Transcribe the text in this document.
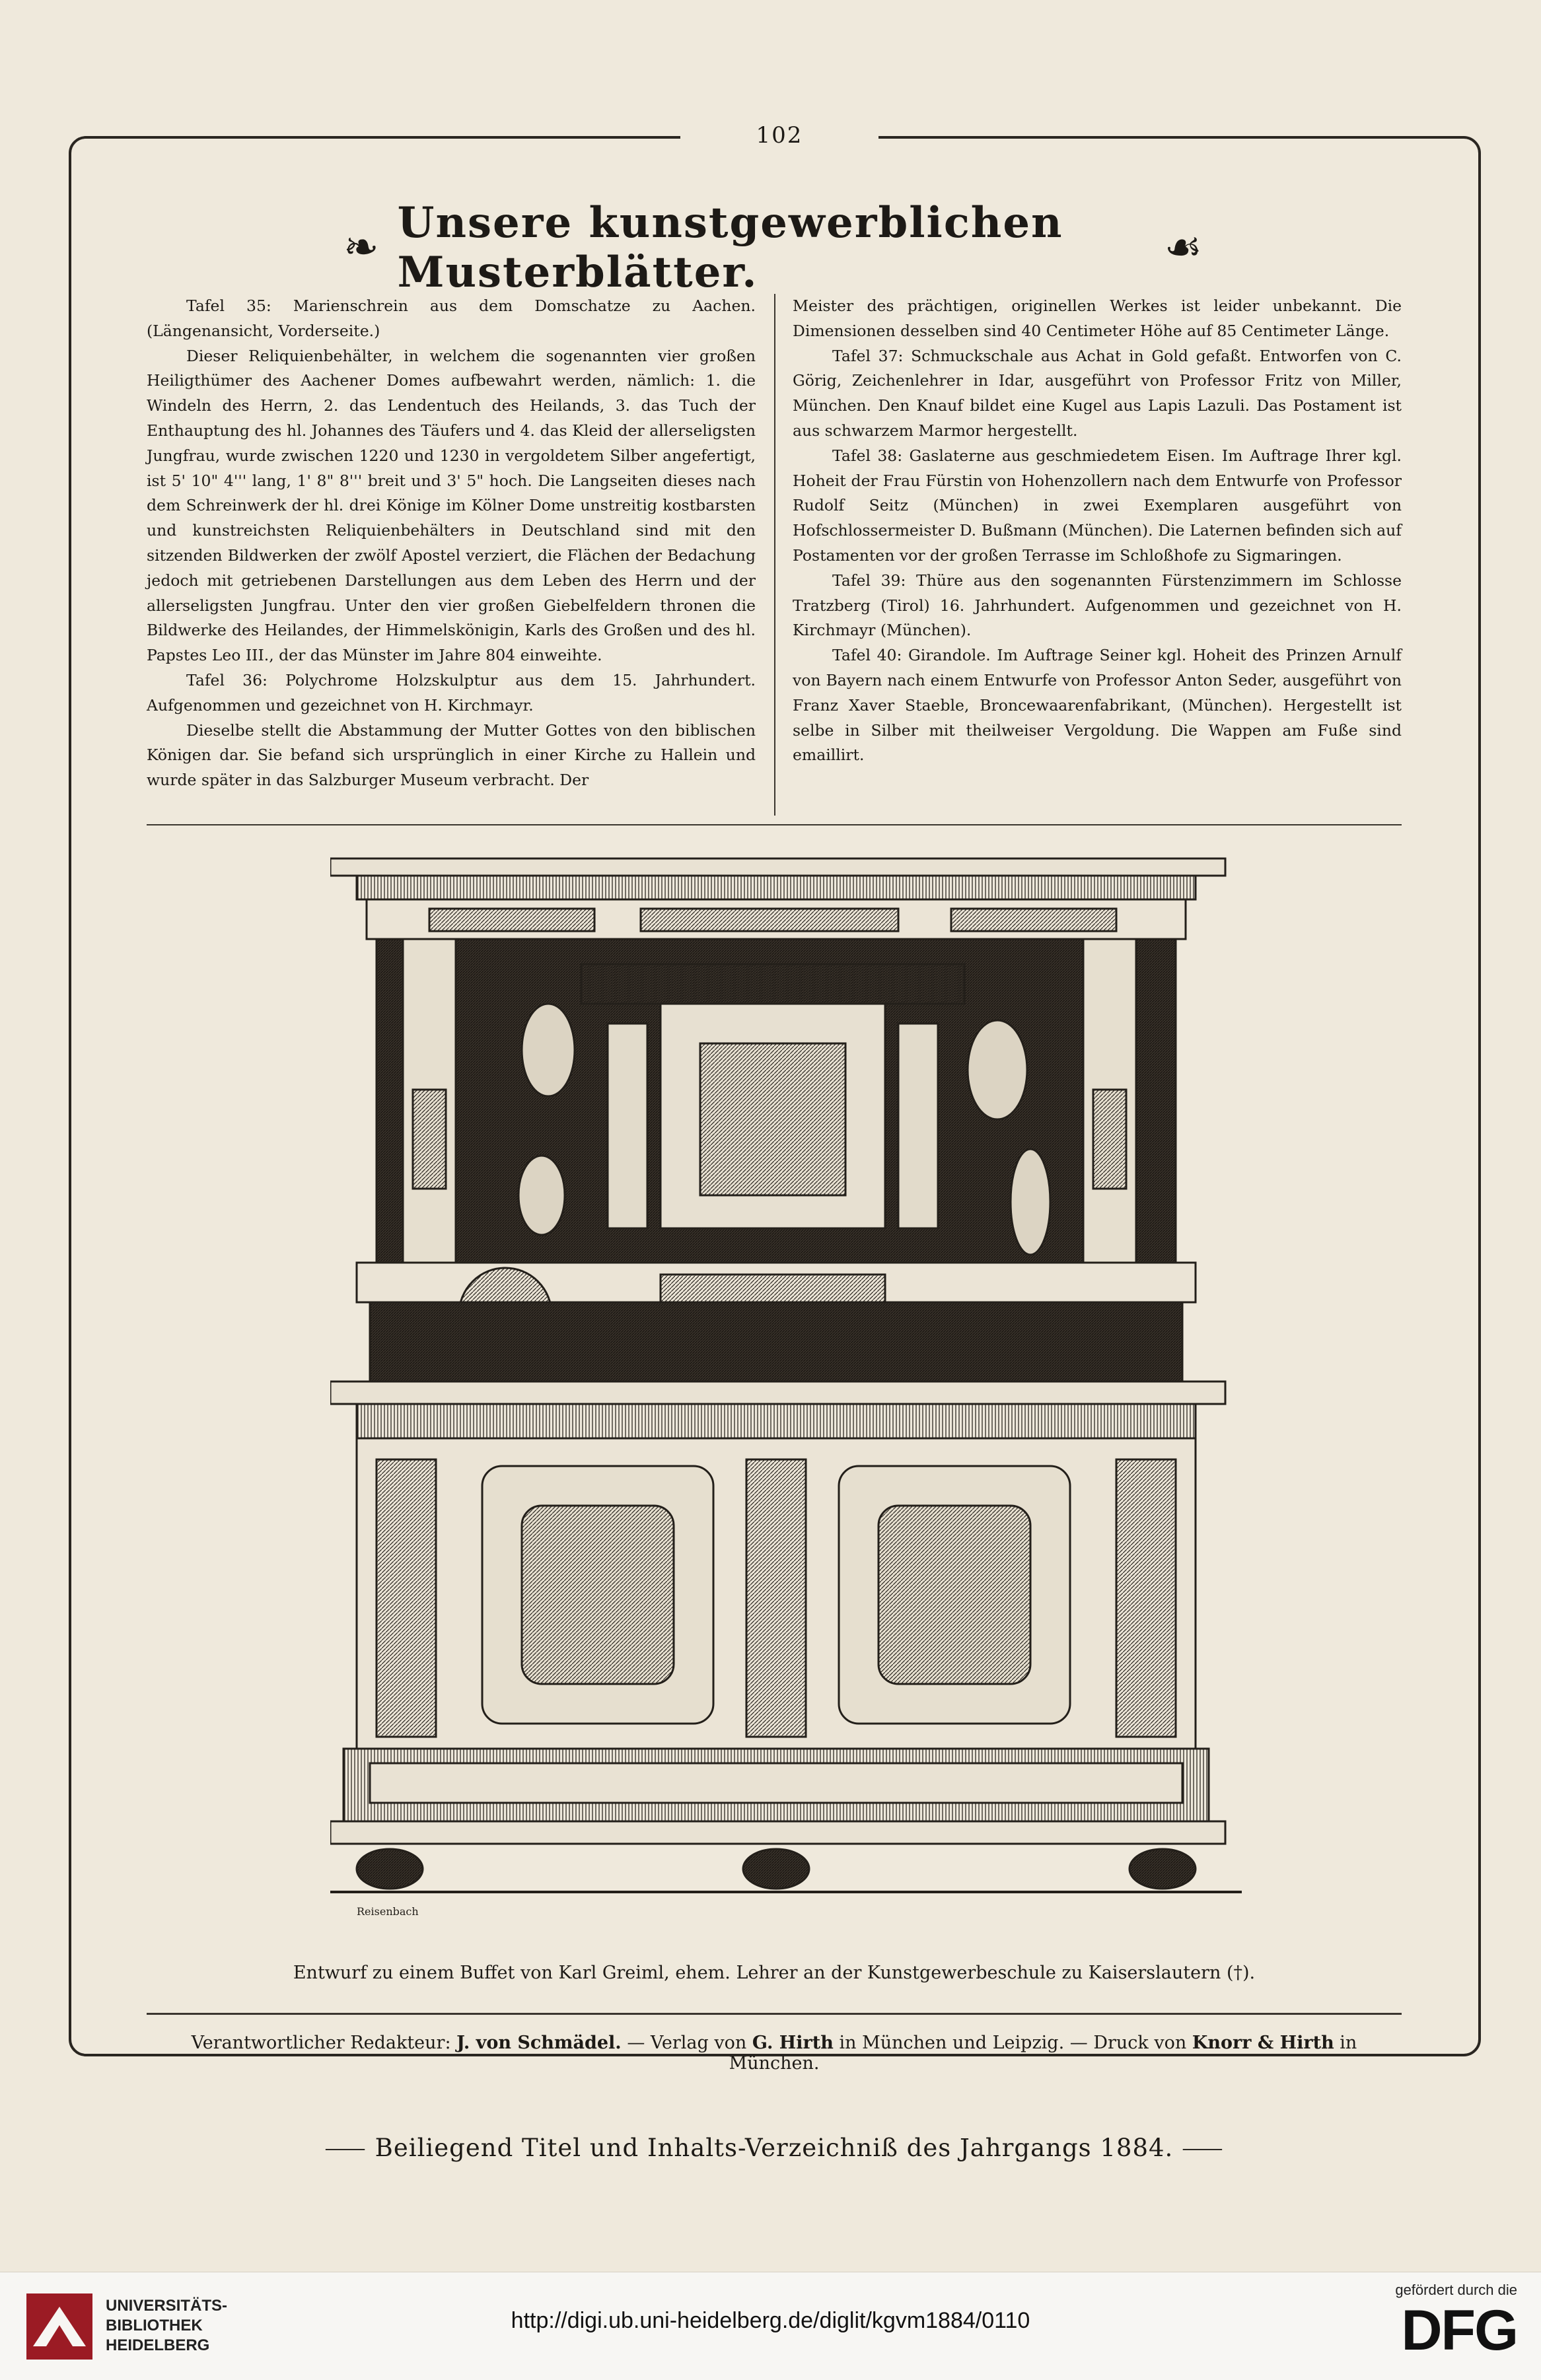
102
❧ Unsere kunstgewerblichen Musterblätter.	☙

Tafel 35: Marienschrein aus dem Domschatze zu Aachen. (Längenansicht, Vorderseite.)

Dieser Reliquienbehälter, in welchem die sogenannten vier großen Heiligthümer des Aachener Domes aufbewahrt werden, nämlich: 1. die Windeln des Herrn, 2. das Lendentuch des Heilands, 3. das Tuch der Enthauptung des hl. Johannes des Täufers und 4. das Kleid der allerseligsten Jungfrau, wurde zwischen 1220 und 1230 in vergoldetem Silber angefertigt, ist 5' 10" 4''' lang, 1' 8" 8''' breit und 3' 5" hoch. Die Langseiten dieses nach dem Schreinwerk der hl. drei Könige im Kölner Dome unstreitig kostbarsten und kunstreichsten Reliquienbehälters in Deutschland sind mit den sitzenden Bildwerken der zwölf Apostel verziert, die Flächen der Bedachung jedoch mit getriebenen Darstellungen aus dem Leben des Herrn und der allerseligsten Jungfrau. Unter den vier großen Giebelfeldern thronen die Bildwerke des Heilandes, der Himmelskönigin, Karls des Großen und des hl. Papstes Leo III., der das Münster im Jahre 804 einweihte.

Tafel 36: Polychrome Holzskulptur aus dem 15. Jahrhundert. Aufgenommen und gezeichnet von H. Kirchmayr.

Dieselbe stellt die Abstammung der Mutter Gottes von den biblischen Königen dar. Sie befand sich ursprünglich in einer Kirche zu Hallein und wurde später in das Salzburger Museum verbracht. Der

Meister des prächtigen, originellen Werkes ist leider unbekannt. Die Dimensionen desselben sind 40 Centimeter Höhe auf 85 Centimeter Länge.

Tafel 37: Schmuckschale aus Achat in Gold gefaßt. Entworfen von C. Görig, Zeichenlehrer in Idar, ausgeführt von Professor Fritz von Miller, München. Den Knauf bildet eine Kugel aus Lapis Lazuli. Das Postament ist aus schwarzem Marmor hergestellt.

Tafel 38: Gaslaterne aus geschmiedetem Eisen. Im Auftrage Ihrer kgl. Hoheit der Frau Fürstin von Hohenzollern nach dem Entwurfe von Professor Rudolf Seitz (München) in zwei Exemplaren ausgeführt von Hofschlossermeister D. Bußmann (München). Die Laternen befinden sich auf Postamenten vor der großen Terrasse im Schloßhofe zu Sigmaringen.

Tafel 39: Thüre aus den sogenannten Fürstenzimmern im Schlosse Tratzberg (Tirol) 16. Jahrhundert. Aufgenommen und gezeichnet von H. Kirchmayr (München).

Tafel 40: Girandole. Im Auftrage Seiner kgl. Hoheit des Prinzen Arnulf von Bayern nach einem Entwurfe von Professor Anton Seder, ausgeführt von Franz Xaver Staeble, Broncewaarenfabrikant, (München). Hergestellt ist selbe in Silber mit theilweiser Vergoldung. Die Wappen am Fuße sind emaillirt.

Reisenbach
Entwurf zu einem Buffet von Karl Greiml, ehem. Lehrer an der Kunstgewerbeschule zu Kaiserslautern (†).
Verantwortlicher Redakteur: J. von Schmädel. — Verlag von G. Hirth in München und Leipzig. — Druck von Knorr & Hirth in München.
⸺ Beiliegend Titel und Inhalts-Verzeichniß des Jahrgangs 1884. ⸺
UNIVERSITÄTS-
BIBLIOTHEK
HEIDELBERG
http://digi.ub.uni-heidelberg.de/diglit/kgvm1884/0110
gefördert durch die
DFG
